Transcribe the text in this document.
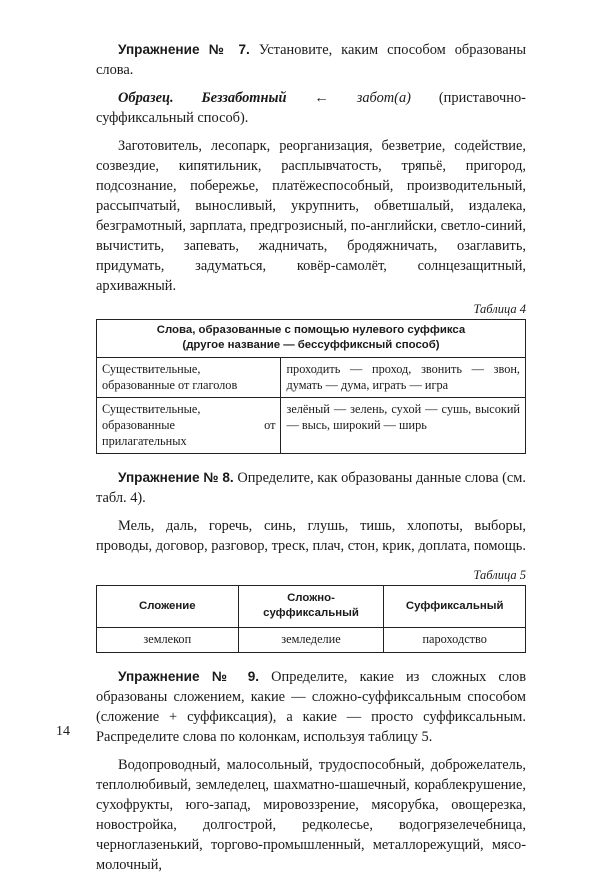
Упражнение № 7. Установите, каким способом образованы слова.

Образец. Беззаботный ← забот(а) (приставочно-суффиксальный способ).

Заготовитель, лесопарк, реорганизация, безветрие, содействие, созвездие, кипятильник, расплывчатость, тряпьё, пригород, подсознание, побережье, платёжеспособный, производительный, рассыпчатый, выносливый, укрупнить, обветшалый, издалека, безграмотный, зарплата, предгрозисный, по-английски, светло-синий, вычистить, запевать, жадничать, бродяжничать, озаглавить, придумать, задуматься, ковёр-самолёт, солнцезащитный, архиважный.

Таблица 4
Слова, образованные с помощью нулевого суффикса
(другое название — бессуффиксный способ)	
Существительные, образованные от глаголов	проходить — проход, звонить — звон, думать — дума, играть — игра
Существительные, образованные от прилагательных	зелёный — зелень, сухой — сушь, высокий — высь, широкий — ширь

Упражнение № 8. Определите, как образованы данные слова (см. табл. 4).

Мель, даль, горечь, синь, глушь, тишь, хлопоты, выборы, проводы, договор, разговор, треск, плач, стон, крик, доплата, помощь.

Таблица 5
Сложение	Сложно-суффиксальный	Суффиксальный
землекоп	земледелие	пароходство

Упражнение № 9. Определите, какие из сложных слов образованы сложением, какие — сложно-суффиксальным способом (сложение + суффиксация), а какие — просто суффиксальным. Распределите слова по колонкам, используя таблицу 5.

Водопроводный, малосольный, трудоспособный, доброжелатель, теплолюбивый, земледелец, шахматно-шашечный, кораблекрушение, сухофрукты, юго-запад, мировоззрение, мясорубка, овощерезка, новостройка, долгострой, редколесье, водогрязелечебница, черноглазенький, торгово-промышленный, металлорежущий, мясо-молочный,

14
